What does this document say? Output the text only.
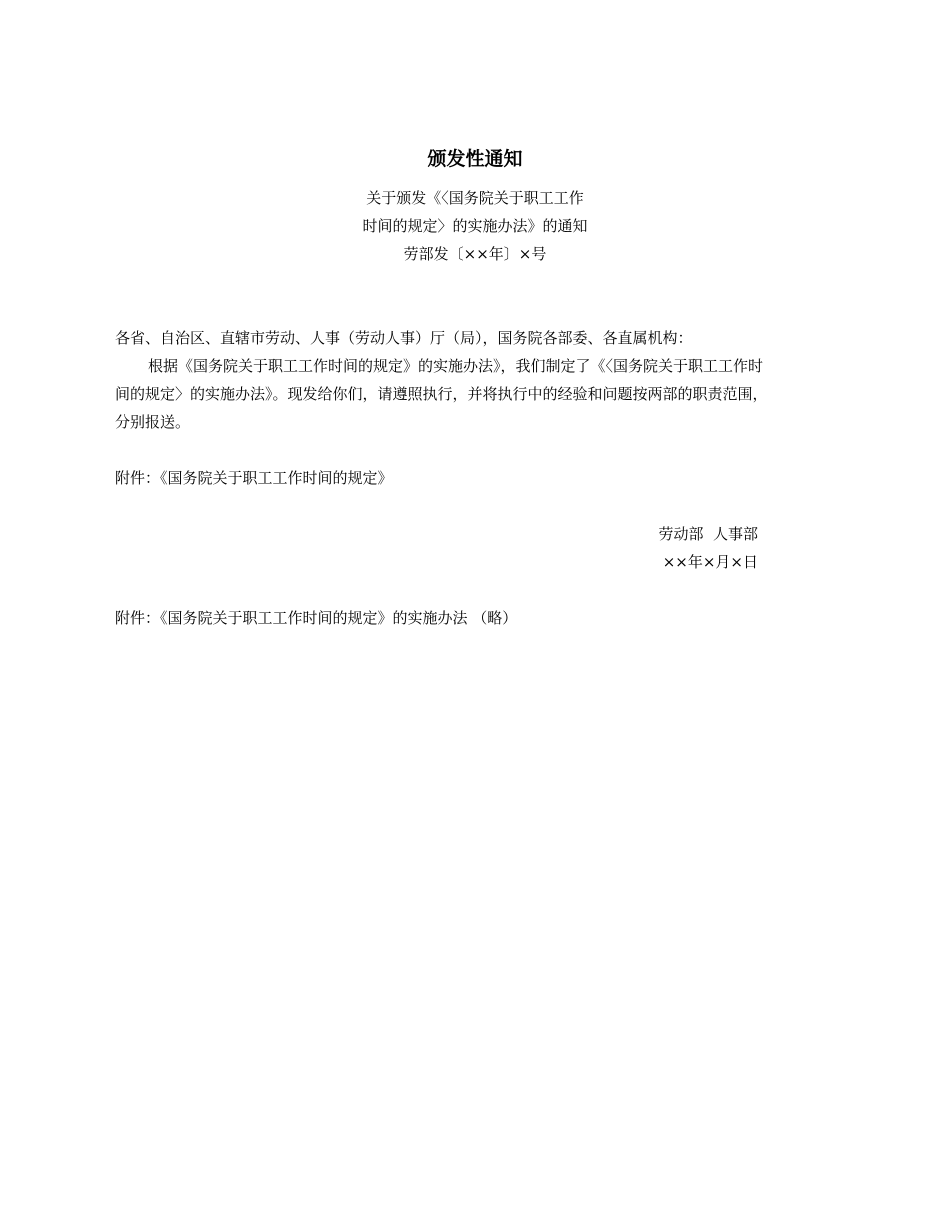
颁发性通知
关于颁发《〈国务院关于职工工作
时间的规定〉的实施办法》的通知
劳部发〔××年〕×号
各省、自治区、直辖市劳动、人事（劳动人事）厅（局），国务院各部委、各直属机构：
根据《国务院关于职工工作时间的规定》的实施办法》，我们制定了《〈国务院关于职工工作时
间的规定〉的实施办法》。现发给你们，请遵照执行，并将执行中的经验和问题按两部的职责范围，
分别报送。
附件：《国务院关于职工工作时间的规定》
劳动部  人事部
××年×月×日
附件：《国务院关于职工工作时间的规定》的实施办法 （略）
